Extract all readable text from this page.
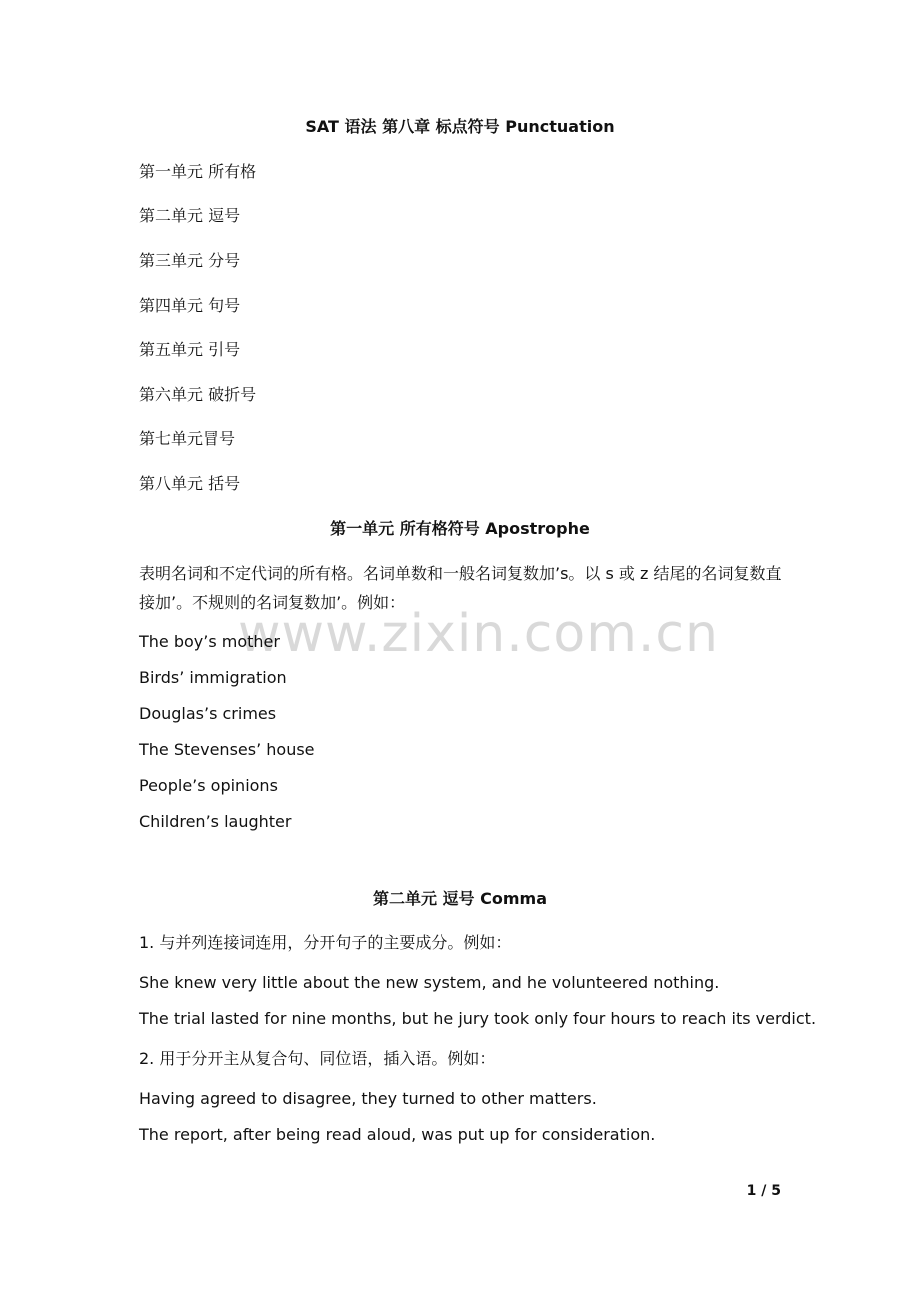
SAT 语法 第八章 标点符号 Punctuation
第一单元 所有格
第二单元 逗号
第三单元 分号
第四单元 句号
第五单元 引号
第六单元 破折号
第七单元冒号
第八单元 括号
第一单元 所有格符号 Apostrophe
表明名词和不定代词的所有格。名词单数和一般名词复数加’s。以 s 或 z 结尾的名词复数直接加’。不规则的名词复数加’。例如：
www.zixin.com.cn
The boy’s mother
Birds’ immigration
Douglas’s crimes
The Stevenses’ house
People’s opinions
Children’s laughter
第二单元 逗号 Comma
1. 与并列连接词连用，分开句子的主要成分。例如：
She knew very little about the new system, and he volunteered nothing.
The trial lasted for nine months, but he jury took only four hours to reach its verdict.
2. 用于分开主从复合句、同位语，插入语。例如：
Having agreed to disagree, they turned to other matters.
The report, after being read aloud, was put up for consideration.
1 / 5
